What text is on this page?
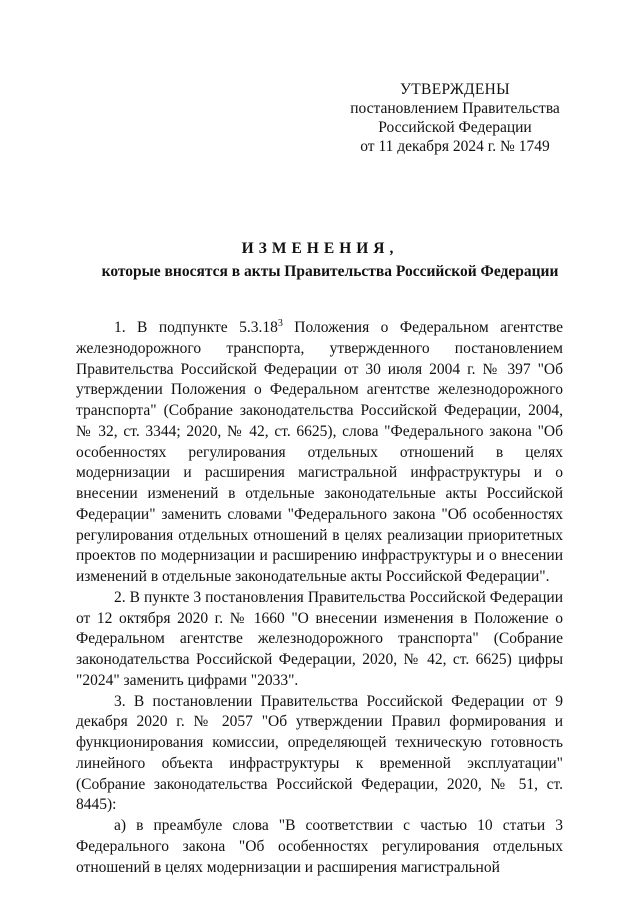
УТВЕРЖДЕНЫ
постановлением Правительства
Российской Федерации
от 11 декабря 2024 г. № 1749
ИЗМЕНЕНИЯ,
которые вносятся в акты Правительства Российской Федерации

1. В подпункте 5.3.18$^3$ Положения о Федеральном агентстве железнодорожного транспорта, утвержденного постановлением Правительства Российской Федерации от 30 июля 2004 г. № 397 "Об утверждении Положения о Федеральном агентстве железнодорожного транспорта" (Собрание законодательства Российской Федерации, 2004, № 32, ст. 3344; 2020, № 42, ст. 6625), слова "Федерального закона "Об особенностях регулирования отдельных отношений в целях модернизации и расширения магистральной инфраструктуры и о внесении изменений в отдельные законодательные акты Российской Федерации" заменить словами "Федерального закона "Об особенностях регулирования отдельных отношений в целях реализации приоритетных проектов по модернизации и расширению инфраструктуры и о внесении изменений в отдельные законодательные акты Российской Федерации".

2. В пункте 3 постановления Правительства Российской Федерации от 12 октября 2020 г. № 1660 "О внесении изменения в Положение о Федеральном агентстве железнодорожного транспорта" (Собрание законодательства Российской Федерации, 2020, № 42, ст. 6625) цифры "2024" заменить цифрами "2033".

3. В постановлении Правительства Российской Федерации от 9 декабря 2020 г. № 2057 "Об утверждении Правил формирования и функционирования комиссии, определяющей техническую готовность линейного объекта инфраструктуры к временной эксплуатации" (Собрание законодательства Российской Федерации, 2020, № 51, ст. 8445):

а) в преамбуле слова "В соответствии с частью 10 статьи 3 Федерального закона "Об особенностях регулирования отдельных отношений в целях модернизации и расширения магистральной
